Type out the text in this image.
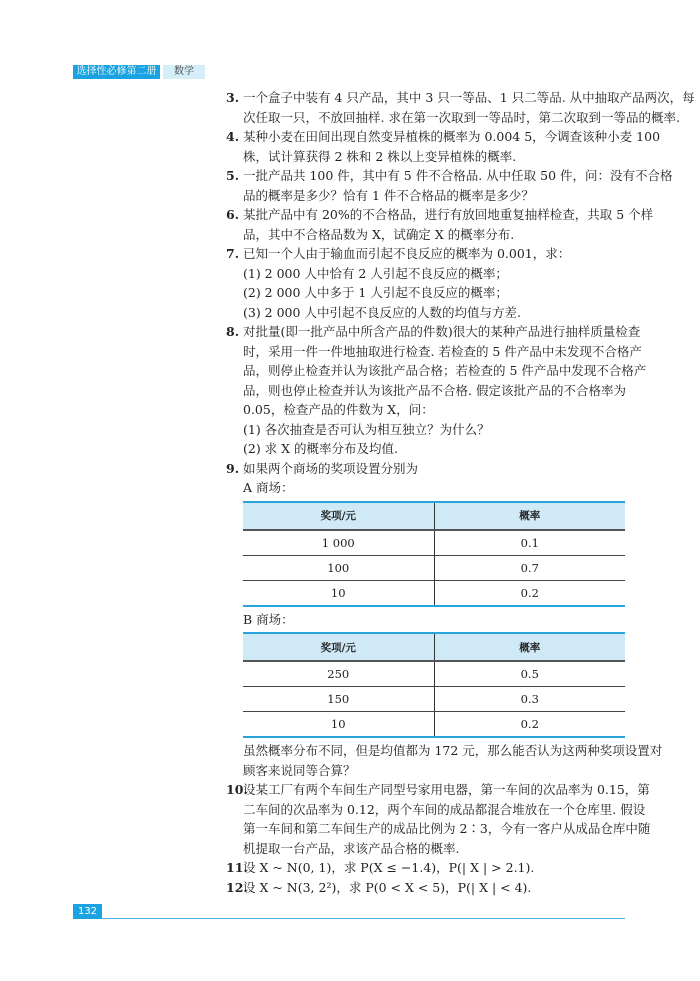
选择性必修第二册	数学
3. 一个盒子中装有 4 只产品，其中 3 只一等品、1 只二等品. 从中抽取产品两次，每
次任取一只，不放回抽样. 求在第一次取到一等品时，第二次取到一等品的概率.
4. 某种小麦在田间出现自然变异植株的概率为 0.004 5，今调查该种小麦 100
株，试计算获得 2 株和 2 株以上变异植株的概率.
5. 一批产品共 100 件，其中有 5 件不合格品. 从中任取 50 件，问：没有不合格
品的概率是多少？恰有 1 件不合格品的概率是多少？
6. 某批产品中有 20%的不合格品，进行有放回地重复抽样检查，共取 5 个样
品，其中不合格品数为 X，试确定 X 的概率分布.
7. 已知一个人由于输血而引起不良反应的概率为 0.001，求：
(1) 2 000 人中恰有 2 人引起不良反应的概率；
(2) 2 000 人中多于 1 人引起不良反应的概率；
(3) 2 000 人中引起不良反应的人数的均值与方差.
8. 对批量(即一批产品中所含产品的件数)很大的某种产品进行抽样质量检查
时，采用一件一件地抽取进行检查. 若检查的 5 件产品中未发现不合格产
品，则停止检查并认为该批产品合格；若检查的 5 件产品中发现不合格产
品，则也停止检查并认为该批产品不合格. 假定该批产品的不合格率为
0.05，检查产品的件数为 X，问：
(1) 各次抽查是否可认为相互独立？为什么？
(2) 求 X 的概率分布及均值.
9. 如果两个商场的奖项设置分别为
A 商场：
奖项/元	概率
1 000	0.1
100	0.7
10	0.2
B 商场：
奖项/元	概率
250	0.5
150	0.3
10	0.2
虽然概率分布不同，但是均值都为 172 元，那么能否认为这两种奖项设置对
顾客来说同等合算？
10.设某工厂有两个车间生产同型号家用电器，第一车间的次品率为 0.15，第
二车间的次品率为 0.12，两个车间的成品都混合堆放在一个仓库里. 假设
第一车间和第二车间生产的成品比例为 2∶3，今有一客户从成品仓库中随
机提取一台产品，求该产品合格的概率.
11.设 X ~ N(0, 1)，求 P(X ≤ −1.4)，P(| X | > 2.1).
12.设 X ~ N(3, 2²)，求 P(0 < X < 5)，P(| X | < 4).
132
